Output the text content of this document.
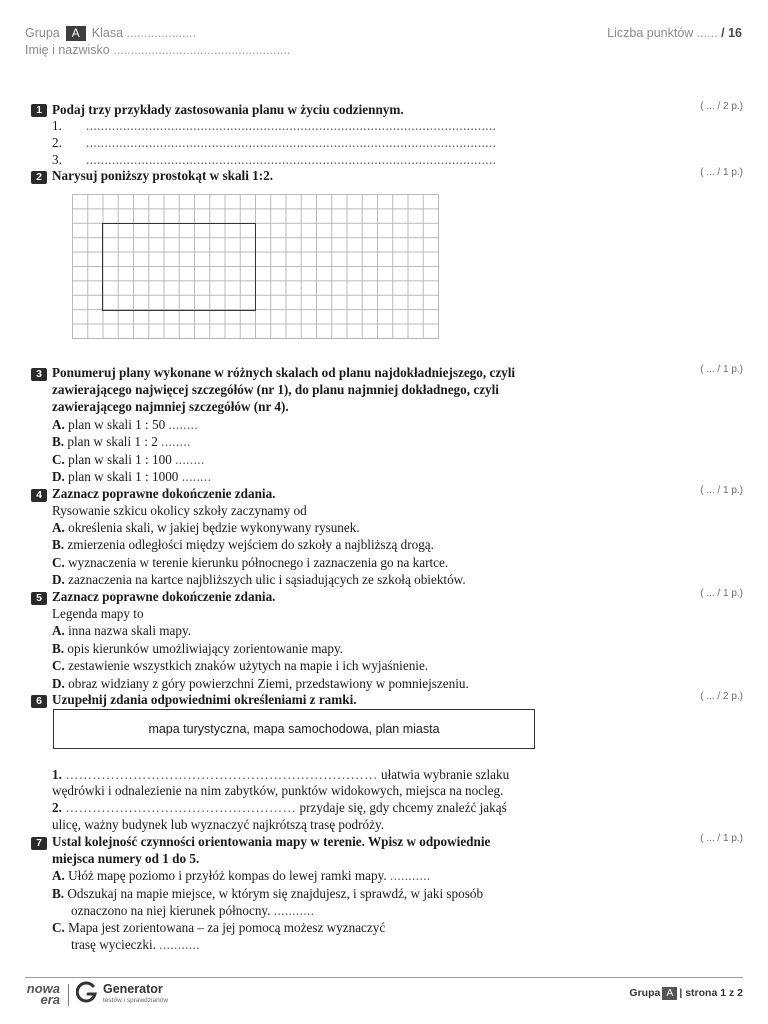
Grupa A Klasa ....................
Imię i nazwisko ...................................................
Liczba punktów ...... / 16
1 Podaj trzy przykłady zastosowania planu w życiu codziennym.	( ... / 2 p.)
1. ...............................................................................................................
2. ...............................................................................................................
3. ...............................................................................................................
2 Narysuj poniższy prostokąt w skali 1:2.	( ... / 1 p.)
3 Ponumeruj plany wykonane w różnych skalach od planu najdokładniejszego, czyli
zawierającego najwięcej szczegółów (nr 1), do planu najmniej dokładnego, czyli
zawierającego najmniej szczegółów (nr 4).
( ... / 1 p.)
A. plan w skali 1 : 50 ........
B. plan w skali 1 : 2 ........
C. plan w skali 1 : 100 ........
D. plan w skali 1 : 1000 ........
4 Zaznacz poprawne dokończenie zdania.	( ... / 1 p.)
Rysowanie szkicu okolicy szkoły zaczynamy od
A. określenia skali, w jakiej będzie wykonywany rysunek.
B. zmierzenia odległości między wejściem do szkoły a najbliższą drogą.
C. wyznaczenia w terenie kierunku północnego i zaznaczenia go na kartce.
D. zaznaczenia na kartce najbliższych ulic i sąsiadujących ze szkołą obiektów.
5 Zaznacz poprawne dokończenie zdania.	( ... / 1 p.)
Legenda mapy to
A. inna nazwa skali mapy.
B. opis kierunków umożliwiający zorientowanie mapy.
C. zestawienie wszystkich znaków użytych na mapie i ich wyjaśnienie.
D. obraz widziany z góry powierzchni Ziemi, przedstawiony w pomniejszeniu.
6 Uzupełnij zdania odpowiednimi określeniami z ramki.	( ... / 2 p.)
mapa turystyczna, mapa samochodowa, plan miasta
1. …………………………………………………………… ułatwia wybranie szlaku
wędrówki i odnalezienie na nim zabytków, punktów widokowych, miejsca na nocleg.
2. …………………………………………… przydaje się, gdy chcemy znaleźć jakąś
ulicę, ważny budynek lub wyznaczyć najkrótszą trasę podróży.
7 Ustal kolejność czynności orientowania mapy w terenie. Wpisz w odpowiednie
miejsca numery od 1 do 5.
( ... / 1 p.)
A. Ułóż mapę poziomo i przyłóż kompas do lewej ramki mapy. ...........
B. Odszukaj na mapie miejsce, w którym się znajdujesz, i sprawdź, w jaki sposób
oznaczono na niej kierunek północny. ...........
C. Mapa jest zorientowana – za jej pomocą możesz wyznaczyć
trasę wycieczki. ...........
nowa
era
Generator
testów i sprawdzianów
Grupa A | strona 1 z 2
